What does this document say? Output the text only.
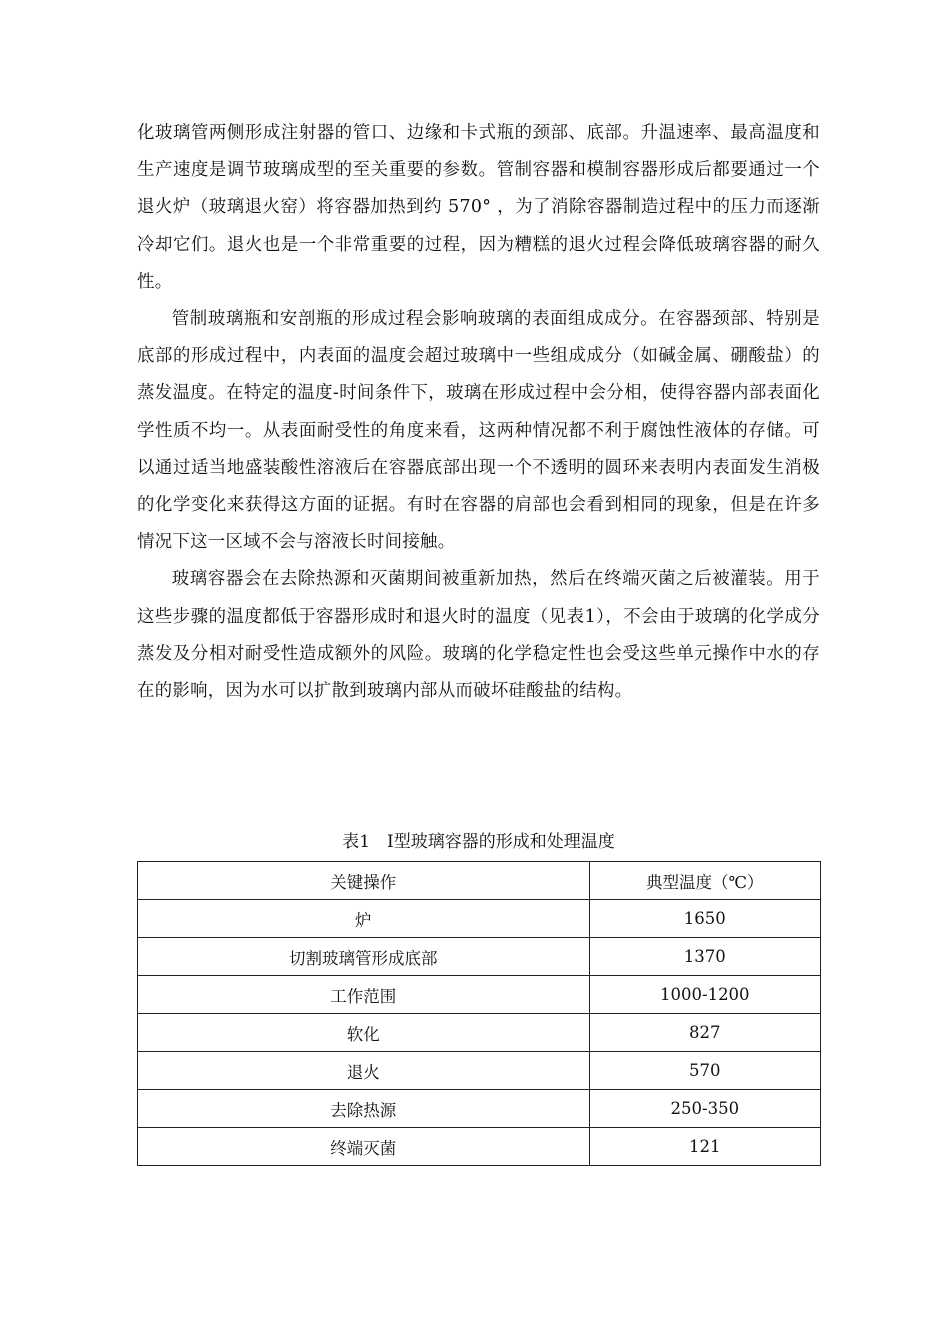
化玻璃管两侧形成注射器的管口、边缘和卡式瓶的颈部、底部。升温速率、最高温度和生产速度是调节玻璃成型的至关重要的参数。管制容器和模制容器形成后都要通过一个退火炉（玻璃退火窑）将容器加热到约 570° ，为了消除容器制造过程中的压力而逐渐冷却它们。退火也是一个非常重要的过程，因为糟糕的退火过程会降低玻璃容器的耐久性。

管制玻璃瓶和安剖瓶的形成过程会影响玻璃的表面组成成分。在容器颈部、特别是底部的形成过程中，内表面的温度会超过玻璃中一些组成成分（如碱金属、硼酸盐）的蒸发温度。在特定的温度-时间条件下，玻璃在形成过程中会分相，使得容器内部表面化学性质不均一。从表面耐受性的角度来看，这两种情况都不利于腐蚀性液体的存储。可以通过适当地盛装酸性溶液后在容器底部出现一个不透明的圆环来表明内表面发生消极的化学变化来获得这方面的证据。有时在容器的肩部也会看到相同的现象，但是在许多情况下这一区域不会与溶液长时间接触。

玻璃容器会在去除热源和灭菌期间被重新加热，然后在终端灭菌之后被灌装。用于这些步骤的温度都低于容器形成时和退火时的温度（见表1），不会由于玻璃的化学成分蒸发及分相对耐受性造成额外的风险。玻璃的化学稳定性也会受这些单元操作中水的存在的影响，因为水可以扩散到玻璃内部从而破坏硅酸盐的结构。

表1　Ⅰ型玻璃容器的形成和处理温度
关键操作	典型温度（℃）
炉	1650
切割玻璃管形成底部	1370
工作范围	1000-1200
软化	827
退火	570
去除热源	250-350
终端灭菌	121
